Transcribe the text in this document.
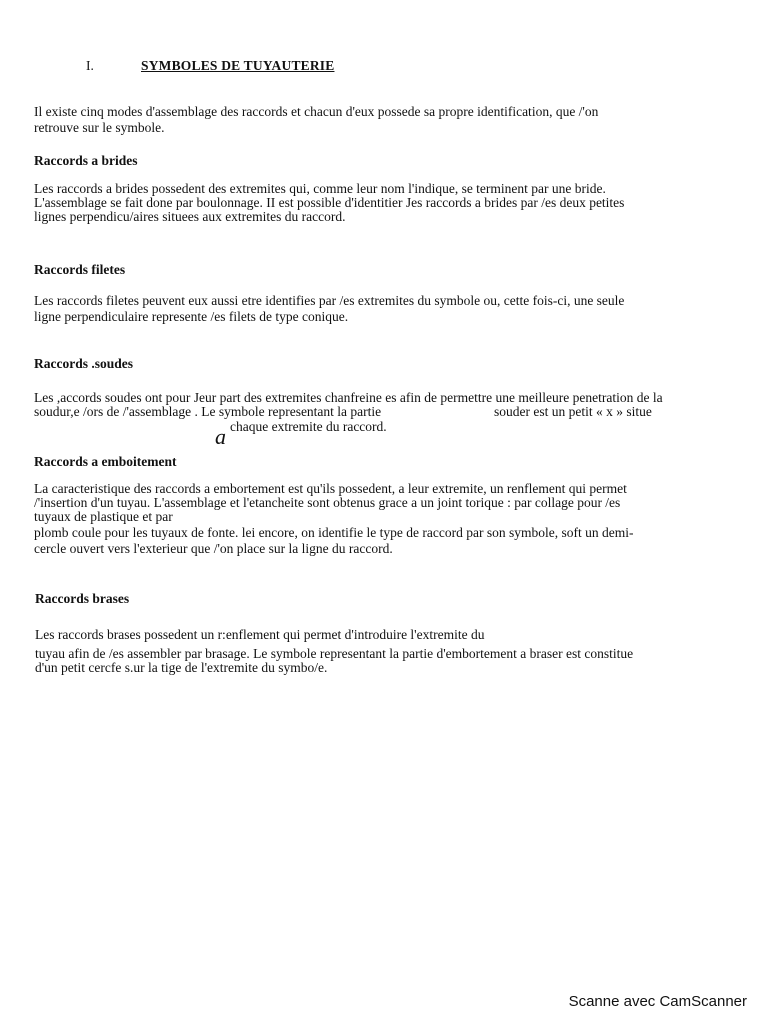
I.	SYMBOLES DE TUYAUTERIE
Il existe cinq modes d'assemblage des raccords et chacun d'eux possede sa propre identification, que /'on
retrouve sur le symbole.
Raccords a brides
Les raccords a brides possedent des extremites qui, comme leur nom l'indique, se terminent par une bride.
L'assemblage se fait done par boulonnage. II est possible d'identitier Jes raccords a brides par /es deux petites
lignes perpendicu/aires situees aux extremites du raccord.
Raccords filetes
Les raccords filetes peuvent eux aussi etre identifies par /es extremites du symbole ou, cette fois-ci, une seule
ligne perpendiculaire represente /es filets de type conique.
Raccords .soudes
Les ,accords soudes ont pour Jeur part des extremites chanfreine es afin de permettre une meilleure penetration de la
soudur,e /ors de /'assemblage . Le symbole representant la partie	souder est un petit « x » situe
a chaque extremite du raccord.
Raccords a emboitement
La caracteristique des raccords a embortement est qu'ils possedent, a leur extremite, un renflement qui permet
/'insertion d'un tuyau. L'assemblage et l'etancheite sont obtenus grace a un joint torique : par collage pour /es
tuyaux de plastique et par
plomb coule pour les tuyaux de fonte. lei encore, on identifie le type de raccord par son symbole, soft un demi-
cercle ouvert vers l'exterieur que /'on place sur la ligne du raccord.
Raccords brases
Les raccords brases possedent un r:enflement qui permet d'introduire l'extremite du
tuyau afin de /es assembler par brasage. Le symbole representant la partie d'embortement a braser est constitue
d'un petit cercfe s.ur la tige de l'extremite du symbo/e.
Scanne avec CamScanner
